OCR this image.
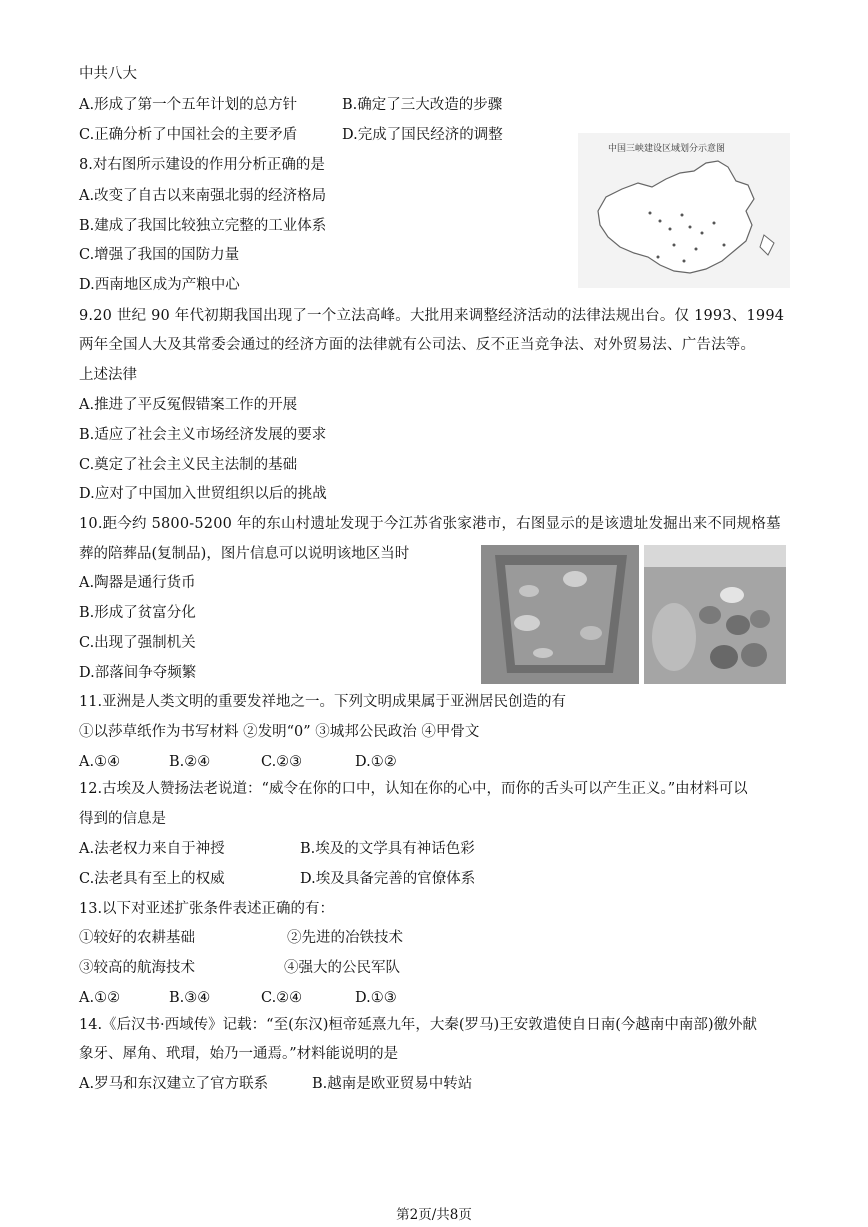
中共八大
A.形成了第一个五年计划的总方针	B.确定了三大改造的步骤
C.正确分析了中国社会的主要矛盾	D.完成了国民经济的调整
8.对右图所示建设的作用分析正确的是
A.改变了自古以来南强北弱的经济格局
B.建成了我国比较独立完整的工业体系
C.增强了我国的国防力量
D.西南地区成为产粮中心
中国三峡建设区域划分示意图
9.20 世纪 90 年代初期我国出现了一个立法高峰。大批用来调整经济活动的法律法规出台。仅 1993、1994
两年全国人大及其常委会通过的经济方面的法律就有公司法、反不正当竞争法、对外贸易法、广告法等。
上述法律
A.推进了平反冤假错案工作的开展
B.适应了社会主义市场经济发展的要求
C.奠定了社会主义民主法制的基础
D.应对了中国加入世贸组织以后的挑战
10.距今约 5800-5200 年的东山村遗址发现于今江苏省张家港市，右图显示的是该遗址发掘出来不同规格墓
葬的陪葬品(复制品)，图片信息可以说明该地区当时
A.陶器是通行货币
B.形成了贫富分化
C.出现了强制机关
D.部落间争夺频繁
11.亚洲是人类文明的重要发祥地之一。下列文明成果属于亚洲居民创造的有
①以莎草纸作为书写材料 ②发明“0” ③城邦公民政治 ④甲骨文
A.①④	B.②④	C.②③	D.①②
12.古埃及人赞扬法老说道：“威令在你的口中，认知在你的心中，而你的舌头可以产生正义。”由材料可以
得到的信息是
A.法老权力来自于神授	B.埃及的文学具有神话色彩
C.法老具有至上的权威	D.埃及具备完善的官僚体系
13.以下对亚述扩张条件表述正确的有：
①较好的农耕基础	②先进的冶铁技术
③较高的航海技术	④强大的公民军队
A.①②	B.③④	C.②④	D.①③
14.《后汉书·西域传》记载：“至(东汉)桓帝延熹九年，大秦(罗马)王安敦遣使自日南(今越南中南部)徼外献
象牙、犀角、玳瑁，始乃一通焉。”材料能说明的是
A.罗马和东汉建立了官方联系	B.越南是欧亚贸易中转站
第2页/共8页
